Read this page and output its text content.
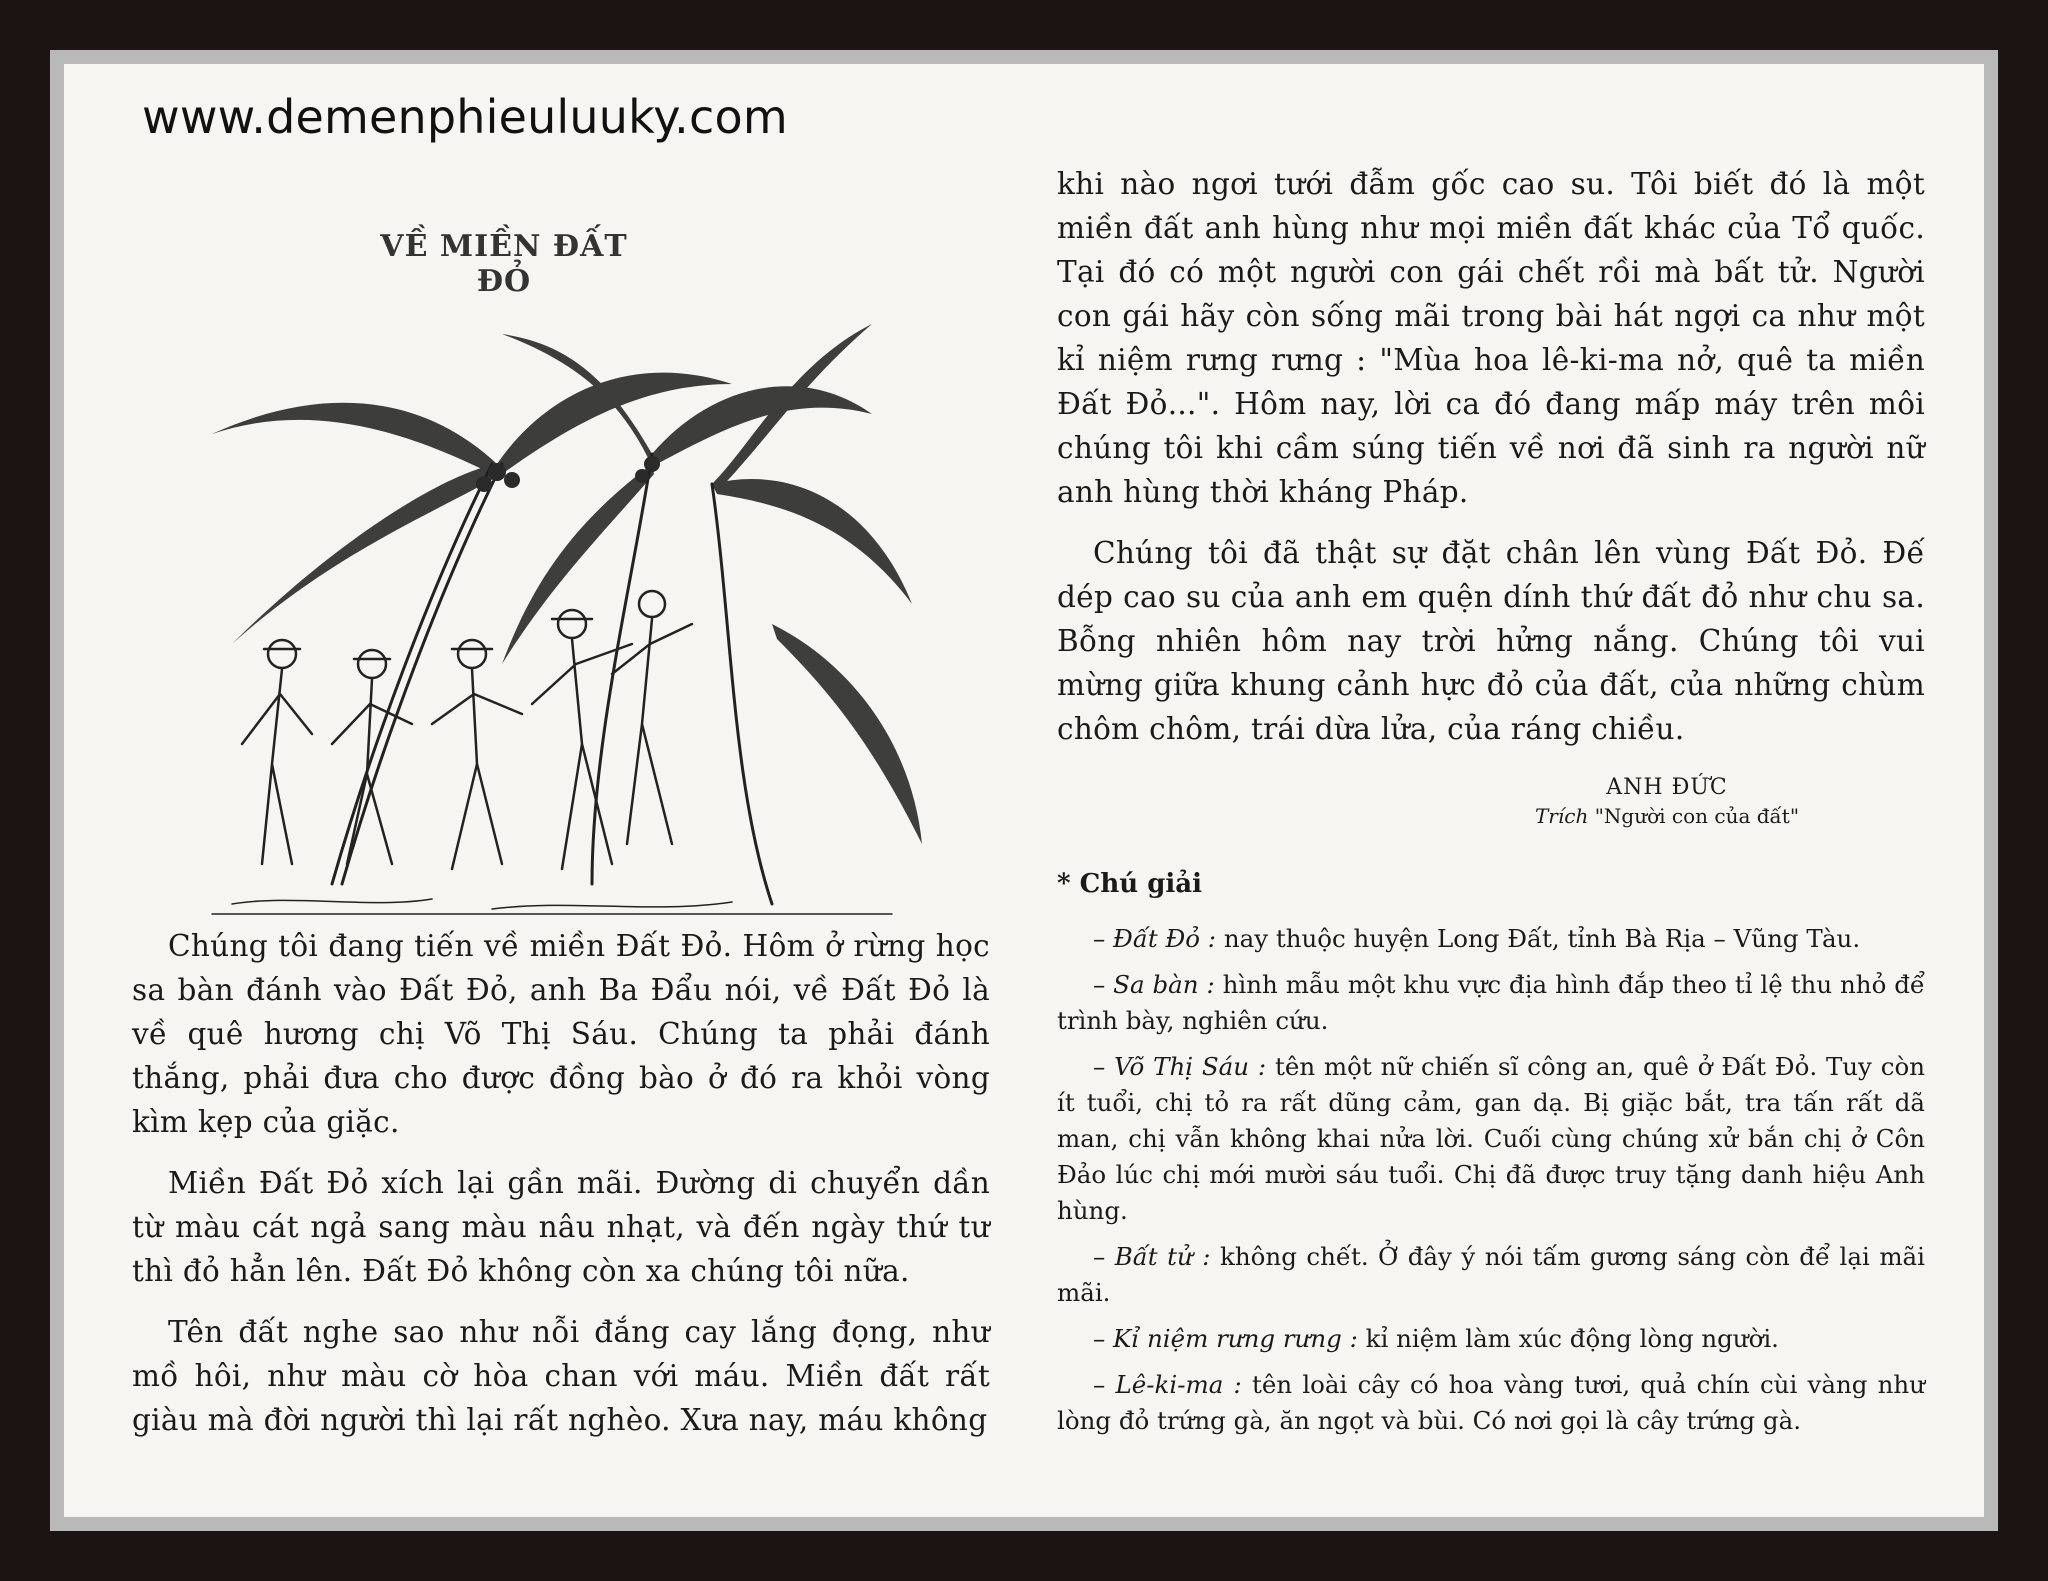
www.demenphieuluuky.com
VỀ MIỀN ĐẤT ĐỎ

Chúng tôi đang tiến về miền Đất Đỏ. Hôm ở rừng học sa bàn đánh vào Đất Đỏ, anh Ba Đẩu nói, về Đất Đỏ là về quê hương chị Võ Thị Sáu. Chúng ta phải đánh thắng, phải đưa cho được đồng bào ở đó ra khỏi vòng kìm kẹp của giặc.

Miền Đất Đỏ xích lại gần mãi. Đường di chuyển dần từ màu cát ngả sang màu nâu nhạt, và đến ngày thứ tư thì đỏ hẳn lên. Đất Đỏ không còn xa chúng tôi nữa.

Tên đất nghe sao như nỗi đắng cay lắng đọng, như mồ hôi, như màu cờ hòa chan với máu. Miền đất rất giàu mà đời người thì lại rất nghèo. Xưa nay, máu không

khi nào ngơi tưới đẫm gốc cao su. Tôi biết đó là một miền đất anh hùng như mọi miền đất khác của Tổ quốc. Tại đó có một người con gái chết rồi mà bất tử. Người con gái hãy còn sống mãi trong bài hát ngợi ca như một kỉ niệm rưng rưng : "Mùa hoa lê-ki-ma nở, quê ta miền Đất Đỏ...". Hôm nay, lời ca đó đang mấp máy trên môi chúng tôi khi cầm súng tiến về nơi đã sinh ra người nữ anh hùng thời kháng Pháp.

Chúng tôi đã thật sự đặt chân lên vùng Đất Đỏ. Đế dép cao su của anh em quện dính thứ đất đỏ như chu sa. Bỗng nhiên hôm nay trời hửng nắng. Chúng tôi vui mừng giữa khung cảnh hực đỏ của đất, của những chùm chôm chôm, trái dừa lửa, của ráng chiều.

ANH ĐỨC
Trích "Người con của đất"
* Chú giải

– Đất Đỏ : nay thuộc huyện Long Đất, tỉnh Bà Rịa – Vũng Tàu.

– Sa bàn : hình mẫu một khu vực địa hình đắp theo tỉ lệ thu nhỏ để trình bày, nghiên cứu.

– Võ Thị Sáu : tên một nữ chiến sĩ công an, quê ở Đất Đỏ. Tuy còn ít tuổi, chị tỏ ra rất dũng cảm, gan dạ. Bị giặc bắt, tra tấn rất dã man, chị vẫn không khai nửa lời. Cuối cùng chúng xử bắn chị ở Côn Đảo lúc chị mới mười sáu tuổi. Chị đã được truy tặng danh hiệu Anh hùng.

– Bất tử : không chết. Ở đây ý nói tấm gương sáng còn để lại mãi mãi.

– Kỉ niệm rưng rưng : kỉ niệm làm xúc động lòng người.

– Lê-ki-ma : tên loài cây có hoa vàng tươi, quả chín cùi vàng như lòng đỏ trứng gà, ăn ngọt và bùi. Có nơi gọi là cây trứng gà.
